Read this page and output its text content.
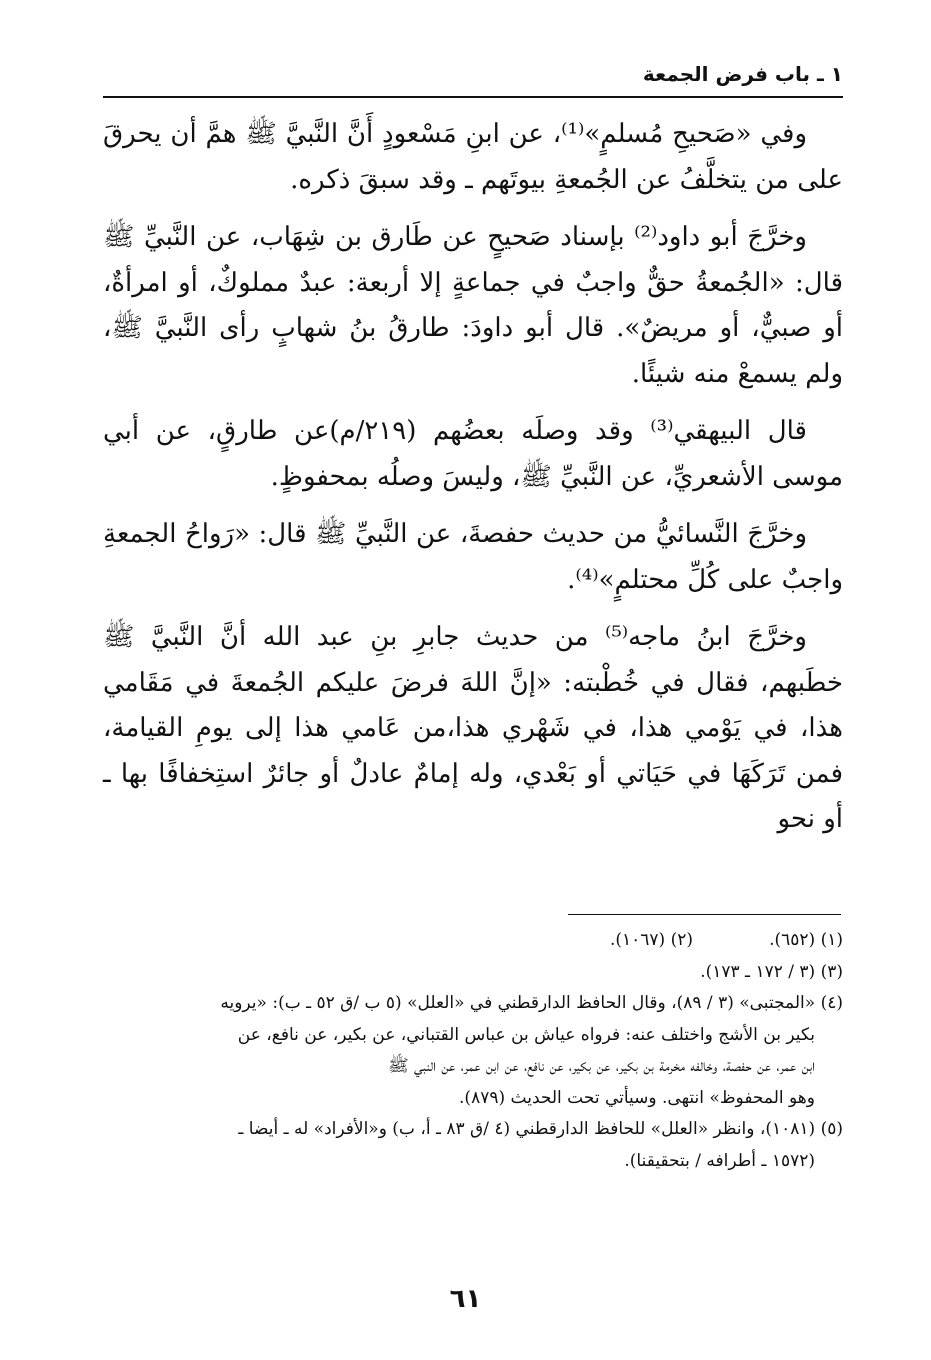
١ ـ باب فرض الجمعة

وفي «صَحيحِ مُسلمٍ»⁽¹⁾، عن ابنِ مَسْعودٍ أَنَّ النَّبيَّ ﷺ همَّ أن يحرقَ على من يتخلَّفُ عن الجُمعةِ بيوتَهم ـ وقد سبقَ ذكره.

وخرَّجَ أبو داود⁽²⁾ بإسناد صَحيحٍ عن طَارق بن شِهَاب، عن النَّبيِّ ﷺ قال: «الجُمعةُ حقٌّ واجبٌ في جماعةٍ إلا أربعة: عبدٌ مملوكٌ، أو امرأةٌ، أو صبيٌّ، أو مريضٌ». قال أبو داودَ: طارقُ بنُ شهابٍ رأى النَّبيَّ ﷺ، ولم يسمعْ منه شيئًا.

قال البيهقي⁽³⁾ وقد وصلَه بعضُهم (٢١٩/م)عن طارقٍ، عن أبي موسى الأشعريِّ، عن النَّبيِّ ﷺ، وليسَ وصلُه بمحفوظٍ.

وخرَّجَ النَّسائيُّ من حديث حفصةَ، عن النَّبيِّ ﷺ قال: «رَواحُ الجمعةِ واجبٌ على كُلِّ محتلمٍ»⁽⁴⁾.

وخرَّجَ ابنُ ماجه⁽⁵⁾ من حديث جابرِ بنِ عبد الله أنَّ النَّبيَّ ﷺ خطَبهم، فقال في خُطْبته: «إنَّ اللهَ فرضَ عليكم الجُمعةَ في مَقَامي هذا، في يَوْمي هذا، في شَهْري هذا،من عَامي هذا إلى يومِ القيامة، فمن تَرَكَهَا في حَيَاتي أو بَعْدي، وله إمامٌ عادلٌ أو جائرٌ استِخفافًا بها ـ أو نحو

(١) (٦٥٢).
(٢) (١٠٦٧).
(٣) (٣ / ١٧٢ ـ ١٧٣).
(٤) «المجتبى» (٣ / ٨٩)، وقال الحافظ الدارقطني في «العلل» (٥ ب /ق ٥٢ ـ ب): «يرويه
بكير بن الأشج واختلف عنه: فرواه عياش بن عباس القتباني، عن بكير، عن نافع، عن
ابن عمر، عن حفصة، وخالفه مخرمة بن بكير، عن بكير، عن نافع، عن ابن عمر، عن النبي ﷺ
وهو المحفوظ» انتهى. وسيأتي تحت الحديث (٨٧٩).
(٥) (١٠٨١)، وانظر «العلل» للحافظ الدارقطني (٤ /ق ٨٣ ـ أ، ب) و«الأفراد» له ـ أيضا ـ
(١٥٧٢ ـ أطرافه / بتحقيقنا).
٦١
